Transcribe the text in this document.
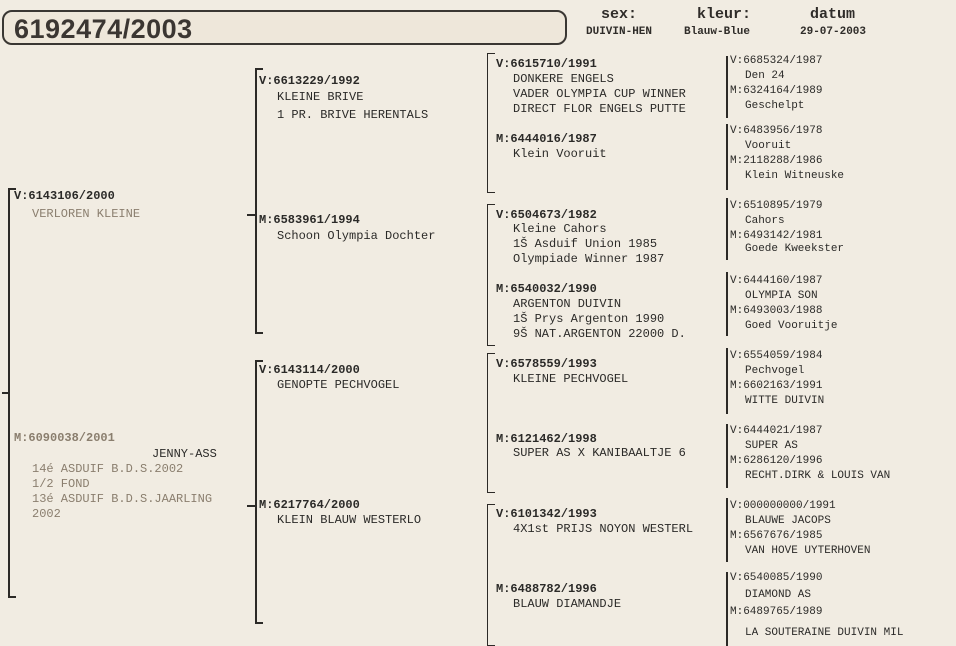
6192474/2003	sex:
DUIVIN-HEN
kleur:
Blauw-Blue
datum
29-07-2003
V:6143106/2000
VERLOREN KLEINE
M:6090038/2001
JENNY-ASS
14é ASDUIF B.D.S.2002
1/2 FOND
13é ASDUIF B.D.S.JAARLING
2002
V:6613229/1992
KLEINE BRIVE
1 PR. BRIVE HERENTALS
M:6583961/1994
Schoon Olympia Dochter
V:6143114/2000
GENOPTE PECHVOGEL
M:6217764/2000
KLEIN BLAUW WESTERLO
V:6615710/1991
DONKERE ENGELS
VADER OLYMPIA CUP WINNER
DIRECT FLOR ENGELS PUTTE
M:6444016/1987
Klein Vooruit
V:6504673/1982
Kleine Cahors
1Š Asduif Union 1985
Olympiade Winner 1987
M:6540032/1990
ARGENTON DUIVIN
1Š Prys Argenton 1990
9Š NAT.ARGENTON 22000 D.
V:6578559/1993
KLEINE PECHVOGEL
M:6121462/1998
SUPER AS X KANIBAALTJE 6
V:6101342/1993
4X1st PRIJS NOYON WESTERL
M:6488782/1996
BLAUW DIAMANDJE
V:6685324/1987
Den 24
M:6324164/1989
Geschelpt
V:6483956/1978
Vooruit
M:2118288/1986
Klein Witneuske
V:6510895/1979
Cahors
M:6493142/1981
Goede Kweekster
V:6444160/1987
OLYMPIA SON
M:6493003/1988
Goed Vooruitje
V:6554059/1984
Pechvogel
M:6602163/1991
WITTE DUIVIN
V:6444021/1987
SUPER AS
M:6286120/1996
RECHT.DIRK & LOUIS VAN
V:000000000/1991
BLAUWE JACOPS
M:6567676/1985
VAN HOVE UYTERHOVEN
V:6540085/1990
DIAMOND AS
M:6489765/1989
LA SOUTERAINE DUIVIN MIL
